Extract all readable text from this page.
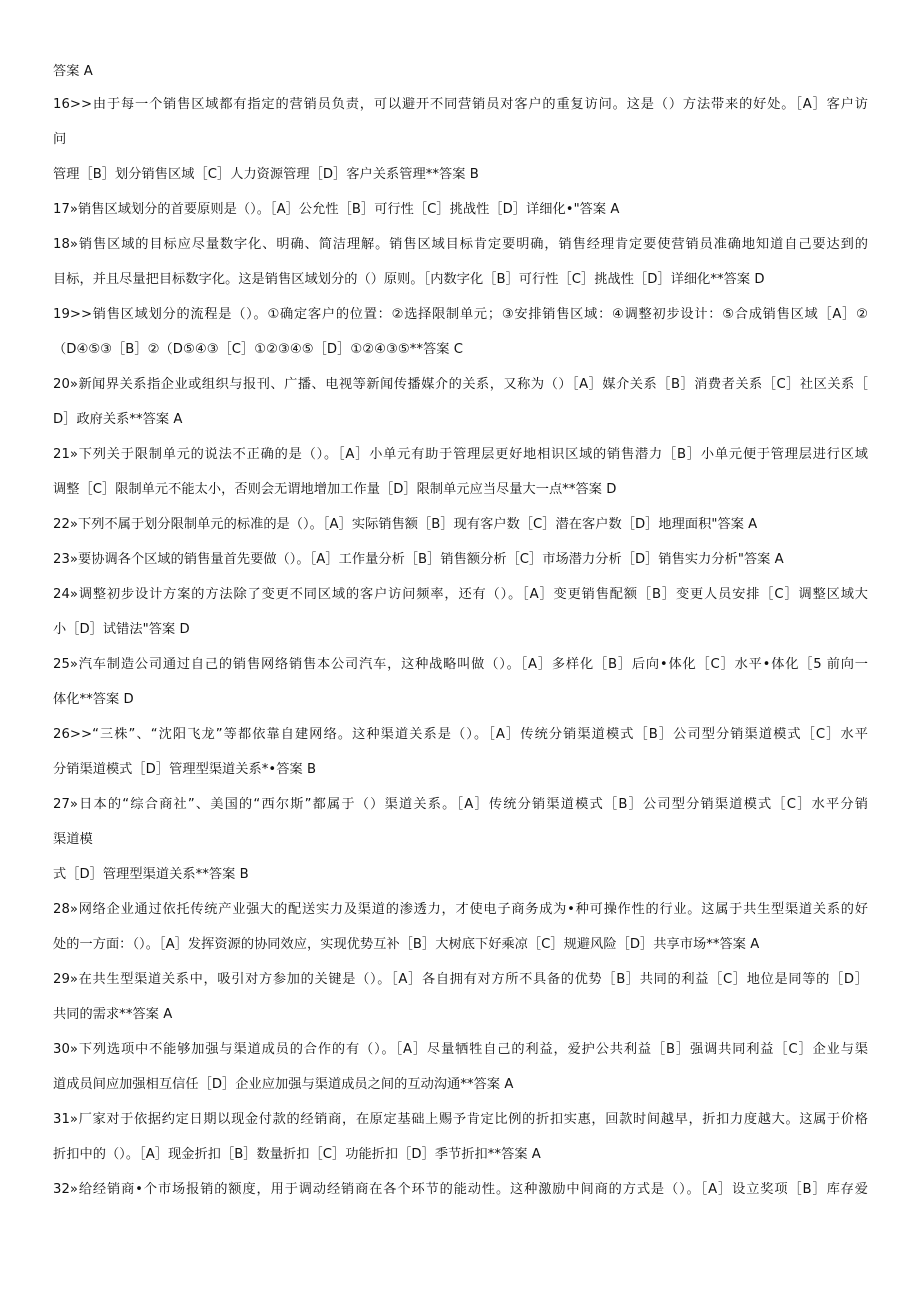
答案 A
16>>由于每一个销售区域都有指定的营销员负责，可以避开不同营销员对客户的重复访问。这是（）方法带来的好处。［A］客户访
问
管理［B］划分销售区域［C］人力资源管理［D］客户关系管理**答案 B
17»销售区域划分的首要原则是（）。［A］公允性［B］可行性［C］挑战性［D］详细化•"答案 A
18»销售区域的目标应尽量数字化、明确、简洁理解。销售区域目标肯定要明确，销售经理肯定要使营销员准确地知道自己要达到的
目标，并且尽量把目标数字化。这是销售区域划分的（）原则。［内数字化［B］可行性［C］挑战性［D］详细化**答案 D
19>>销售区域划分的流程是（）。①确定客户的位置：②选择限制单元；③安排销售区域：④调整初步设计：⑤合成销售区域［A］②
（D④⑤③［B］②（D⑤④③［C］①②③④⑤［D］①②④③⑤**答案 C
20»新闻界关系指企业或组织与报刊、广播、电视等新闻传播媒介的关系，又称为（）［A］媒介关系［B］消费者关系［C］社区关系［
D］政府关系**答案 A
21»下列关于限制单元的说法不正确的是（）。［A］小单元有助于管理层更好地相识区域的销售潜力［B］小单元便于管理层进行区域
调整［C］限制单元不能太小，否则会无谓地增加工作量［D］限制单元应当尽量大一点**答案 D
22»下列不属于划分限制单元的标准的是（）。［A］实际销售额［B］现有客户数［C］潜在客户数［D］地理面积"答案 A
23»要协调各个区域的销售量首先要做（）。［A］工作量分析［B］销售额分析［C］市场潜力分析［D］销售实力分析"答案 A
24»调整初步设计方案的方法除了变更不同区域的客户访问频率，还有（）。［A］变更销售配额［B］变更人员安排［C］调整区域大
小［D］试错法"答案 D
25»汽车制造公司通过自己的销售网络销售本公司汽车，这种战略叫做（）。［A］多样化［B］后向•体化［C］水平•体化［5 前向一
体化**答案 D
26>>“三株”、“沈阳飞龙”等都依靠自建网络。这种渠道关系是（）。［A］传统分销渠道模式［B］公司型分销渠道模式［C］水平
分销渠道模式［D］管理型渠道关系*•答案 B
27»日本的“综合商社”、美国的“西尔斯”都属于（）渠道关系。［A］传统分销渠道模式［B］公司型分销渠道模式［C］水平分销
渠道模
式［D］管理型渠道关系**答案 B
28»网络企业通过依托传统产业强大的配送实力及渠道的渗透力，才使电子商务成为•种可操作性的行业。这属于共生型渠道关系的好
处的一方面：（）。［A］发挥资源的协同效应，实现优势互补［B］大树底下好乘凉［C］规避风险［D］共享市场**答案 A
29»在共生型渠道关系中，吸引对方参加的关键是（）。［A］各自拥有对方所不具备的优势［B］共同的利益［C］地位是同等的［D］
共同的需求**答案 A
30»下列选项中不能够加强与渠道成员的合作的有（）。［A］尽量牺牲自己的利益，爱护公共利益［B］强调共同利益［C］企业与渠
道成员间应加强相互信任［D］企业应加强与渠道成员之间的互动沟通**答案 A
31»厂家对于依据约定日期以现金付款的经销商，在原定基础上赐予肯定比例的折扣实惠，回款时间越早，折扣力度越大。这属于价格
折扣中的（）。［A］现金折扣［B］数量折扣［C］功能折扣［D］季节折扣**答案 A
32»给经销商•个市场报销的额度，用于调动经销商在各个环节的能动性。这种激励中间商的方式是（）。［A］设立奖项［B］库存爱
